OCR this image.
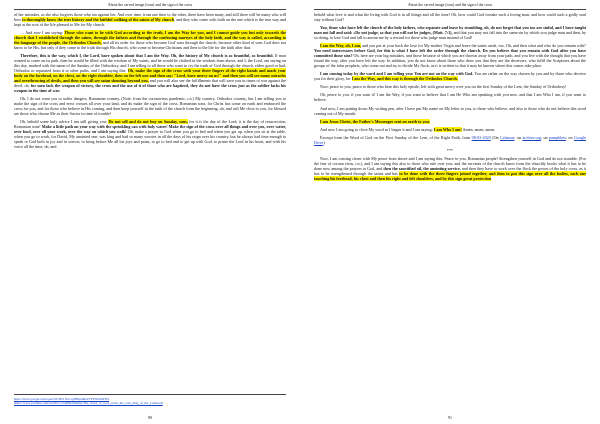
About the carved image (icon) and the sign of the cross

of her mistakes, as she also forgives those who sin against her. And over time, from one time to the other, there have been many, and still there will be many who will bow to thoroughly know the true history and the faithful walking of the saints of My church, and they who come with faith on the one which is the true way and kept at the root of the life pleased to Me for My church.

… And now I am saying: Those who want to be with God according to the truth, I am the Way for you, and I cannot guide you but only towards the church that I established through the saints, through the fathers and through the confessing martyrs of the holy faith, and the way is called, according to the language of the people, the Orthodox Church, and all its order for those who become God' sons through the church, because other kind of sons God does not know to be His, but only if they come to the truth through His church, who come to become Christians and then to the life for the faith after that.

Therefore, this is the way, which I, the Lord, have spoken about that I am the Way. Oh, the history of My church is so beautiful, so beautiful. If man wanted to come on its path, then he would be filled with the wisdom of My saints, and he would be clothed in the wisdom from above, and I, the Lord, am saying on this day, marked with the name of the Sunday of the Orthodoxy, and I am telling to all those who want to cry the truth of God through the church, either good or bad, Orthodox or separated from it or other paths, and I am saying this: Oh, make the sign of the cross with your three fingers of the right hands and mark your body on the forehead, on the chest, on the right shoulder, then on the left one and then say: "Lord, have mercy on us!" and then you will see many miracles and overthrowing of devils, and then you will see satan shouting beyond you, and you will also see the fulfillments that will save you in times of war against the devil, oh, for men lack the weapon of victory, the cross and the use of it of those who are baptized, they do not have the cross just as the soldier lacks his weapon in the time of war.

Oh, I do not want you to suffer dangers, Romanian country, (Note, from the coronavirus pandemic, r.n.) My country, Orthodox country, but I am telling you to make the sign of the cross and erect crosses all over your land, and do make the sign of the cross, Romanian sons, for Christ has come on earth and embraced the cross for you, and for those who believe in His coming, and then keep yourself in the faith of the church from the beginning, oh, and call Me close to you, for blessed are those who choose Me as their Savior in time of trouble!

Oh, behold some holy advice I am still giving you: Do not sell and do not buy on Sunday, sons, for it is the day of the Lord, it is the day of resurrection, Romanian sons! Make a little path on your way with the sprinkling can with holy water! Make the sign of the cross over all things and over you, over water, over food, over all your work, over the way on which you walk! Oh, make a prayer to God when you go to bed and when you get up, when you sit at the table, when you go to work, for David, My anointed one, was king and had so many worries in all the days of his reign over his country, but he always had time enough to speak to God both in joy and in sorrow, to bring before Me all his joys and pains, to go to bed and to get up with God, to praise the Lord in his heart, and with his voice all the time, oh, and

https://lives.google.com/open?id=BW Ne11gI0Bpdd6rsiVFFIUml3FD3
https://www.youtube.com/watch?v=2adlHa7Iammo/The_Word_of_God_about_the_wan_ding_of_the_Lamb.pdf
90
About the carved image (icon) and the sign of the cross

behold what love is and what the living with God is in all things and all the time! Oh, how could God forsake such a loving man, and how could such a godly soul stay without God?

You, those who have left the church of the holy fathers, who separate and leave by stumbling, oh, do not forget that you too are sinful, and I have taught man not fall and said: «Do not judge, so that you will not be judges, (Matt. 7:1), and that you may not fall into the same sin by which you judge man and then, by so doing, to lose God and fall to anoint me by a reward for those who judge man instead of God!

I am the Way, oh, I am, and you put at your back the love for My mother Virgin and leave the saints aside, too. Oh, and then what and who do you remain with? You need intercessors before God, for this is what I have left the order through the church. Do you believe that you remain with God after you have committed those sins? Oh, here are your big mistakes, and those because of which you are thrown away from your path, and you live with the thought that you have found the way, after you have left the way. In addition, you do not know about those who draw you that they are the deceivers, who fulfil the Scriptures about the groups of the false prophets, who come out and try to divide My flock, as it is written so that it may be known where this comes take place.

I am coming today by the word and I am telling you: You are not on the way with God. You are rather on the way chosen by you and by those who deceive you for their glory, for I am the Way, and this way is through the Orthodox Church.

Now, peace to you; peace to those who hear this holy epistle, left with great mercy over you on the first Sunday of the Lent, the Sunday of Orthodoxy!

Oh, peace to you, if you want it! I am the Way, if you want to believe that I am He Who am speaking with you now, and that I am Who I am, if you want to believe.

And now, I am putting down My writing pen, after I have put My name on My letter to you, to those who believe, and also to those who do not believe this word coming out of My mouth.

I am Jesus Christ, the Father's Messenger sent on earth to you.

And now I am going to close My word as I began it and I am saying: I am Who I am! Amen, amen, amen.

Excerpt from the Word of God on the First Sunday of the Lent, of the Right Faith, from 08-03-2020 (On Calamus; on archive.org; on pamphlets; on Google Drive)

***

Now, I am coming closer with My peace from above and I am saying this: Peace to you, Romanian people! Strengthen yourself in God and do not stumble, (For the fear of corona virus, r.n.), and I am saying this also to those who rule over you, and the servants of the church know from the churchly books what it has to be done now among the prayers to God, and then the sanctified oil, the anointing service, and then they have to work over the flock the power of the holy cross, as it has to be strengthened through the saints and has to be done with the three fingers joined together, and then to put this sign over all the bodies, each one touching his forehead, his chest and then his right and left shoulders, and by this sign great protection

91
